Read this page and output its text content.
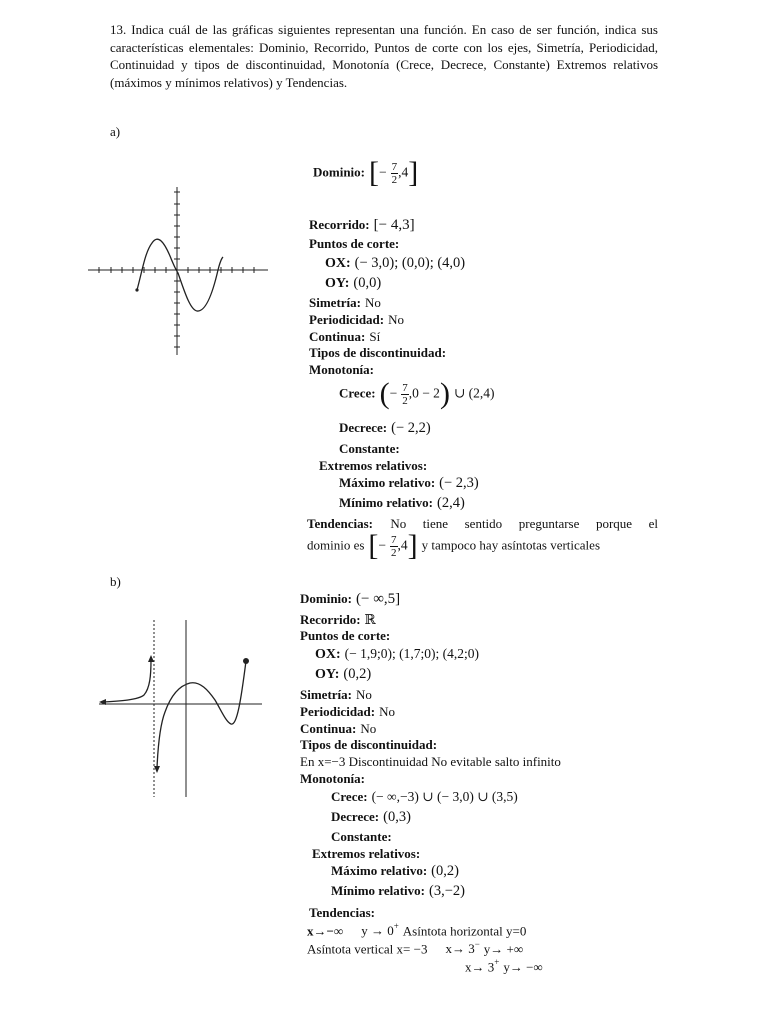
13. Indica cuál de las gráficas siguientes representan una función. En caso de ser función, indica sus características elementales: Dominio, Recorrido, Puntos de corte con los ejes, Simetría, Periodicidad, Continuidad y tipos de discontinuidad, Monotonía (Crece, Decrece, Constante) Extremos relativos (máximos y mínimos relativos) y Tendencias.
a)
Dominio: [− $\frac{7}{2} ,4$]
Recorrido: [− 4,3]
Puntos de corte:
OX: (− 3,0); (0,0); (4,0)
OY: (0,0)
Simetría: No
Periodicidad: No
Continua: Sí
Tipos de discontinuidad:
Monotonía:
Crece: (− $\frac{7}{2} ,0 - 2$) ∪ (2,4)
Decrece: (− 2,2)
Constante:
Extremos relativos:
Máximo relativo: (− 2,3)
Mínimo relativo: (2,4)
Tendencias: No tiene sentido preguntarse porque el
dominio es [− $\frac{7}{2} ,4$] y tampoco hay asíntotas verticales
b)
Dominio: (− ∞,5]
Recorrido: ℝ
Puntos de corte:
OX: (− 1,9;0); (1,7;0); (4,2;0)
OY: (0,2)
Simetría: No
Periodicidad: No
Continua: No
Tipos de discontinuidad:
En x=−3 Discontinuidad No evitable salto infinito
Monotonía:
Crece: (− ∞,−3) ∪ (− 3,0) ∪ (3,5)
Decrece: (0,3)
Constante:
Extremos relativos:
Máximo relativo: (0,2)
Mínimo relativo: (3,−2)
Tendencias:
x→−∞ y → 0+ Asíntota horizontal y=0
Asíntota vertical x= −3 x→ 3− y→ +∞
x→ 3+ y→ −∞
